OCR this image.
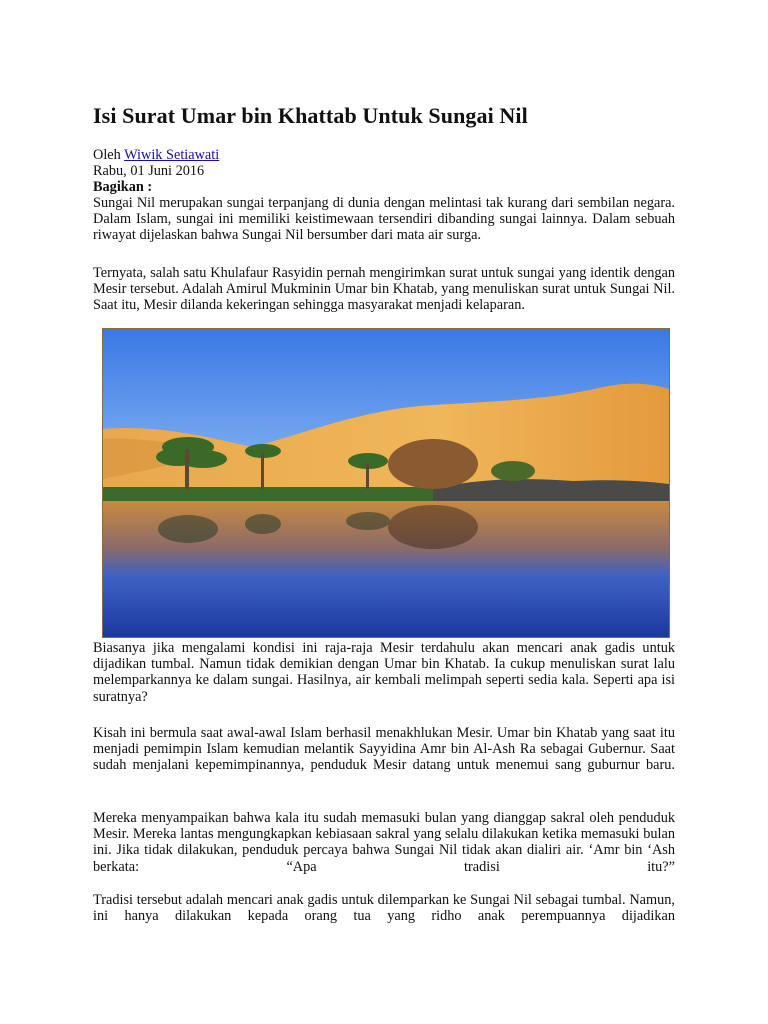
Isi Surat Umar bin Khattab Untuk Sungai Nil
Oleh Wiwik Setiawati
Rabu, 01 Juni 2016
Bagikan :
Sungai Nil merupakan sungai terpanjang di dunia dengan melintasi tak kurang dari sembilan negara. Dalam Islam, sungai ini memiliki keistimewaan tersendiri dibanding sungai lainnya. Dalam sebuah riwayat dijelaskan bahwa Sungai Nil bersumber dari mata air surga.
Ternyata, salah satu Khulafaur Rasyidin pernah mengirimkan surat untuk sungai yang identik dengan Mesir tersebut. Adalah Amirul Mukminin Umar bin Khatab, yang menuliskan surat untuk Sungai Nil. Saat itu, Mesir dilanda kekeringan sehingga masyarakat menjadi kelaparan.
Biasanya jika mengalami kondisi ini raja-raja Mesir terdahulu akan mencari anak gadis untuk dijadikan tumbal. Namun tidak demikian dengan Umar bin Khatab. Ia cukup menuliskan surat lalu melemparkannya ke dalam sungai. Hasilnya, air kembali melimpah seperti sedia kala. Seperti apa isi suratnya?
Kisah ini bermula saat awal-awal Islam berhasil menakhlukan Mesir. Umar bin Khatab yang saat itu menjadi pemimpin Islam kemudian melantik Sayyidina Amr bin Al-Ash Ra sebagai Gubernur. Saat sudah menjalani kepemimpinannya, penduduk Mesir datang untuk menemui sang guburnur baru.
Mereka menyampaikan bahwa kala itu sudah memasuki bulan yang dianggap sakral oleh penduduk Mesir. Mereka lantas mengungkapkan kebiasaan sakral yang selalu dilakukan ketika memasuki bulan ini. Jika tidak dilakukan, penduduk percaya bahwa Sungai Nil tidak akan dialiri air. ‘Amr bin ‘Ash berkata: “Apa tradisi itu?”
Tradisi tersebut adalah mencari anak gadis untuk dilemparkan ke Sungai Nil sebagai tumbal. Namun, ini hanya dilakukan kepada orang tua yang ridho anak perempuannya dijadikan
